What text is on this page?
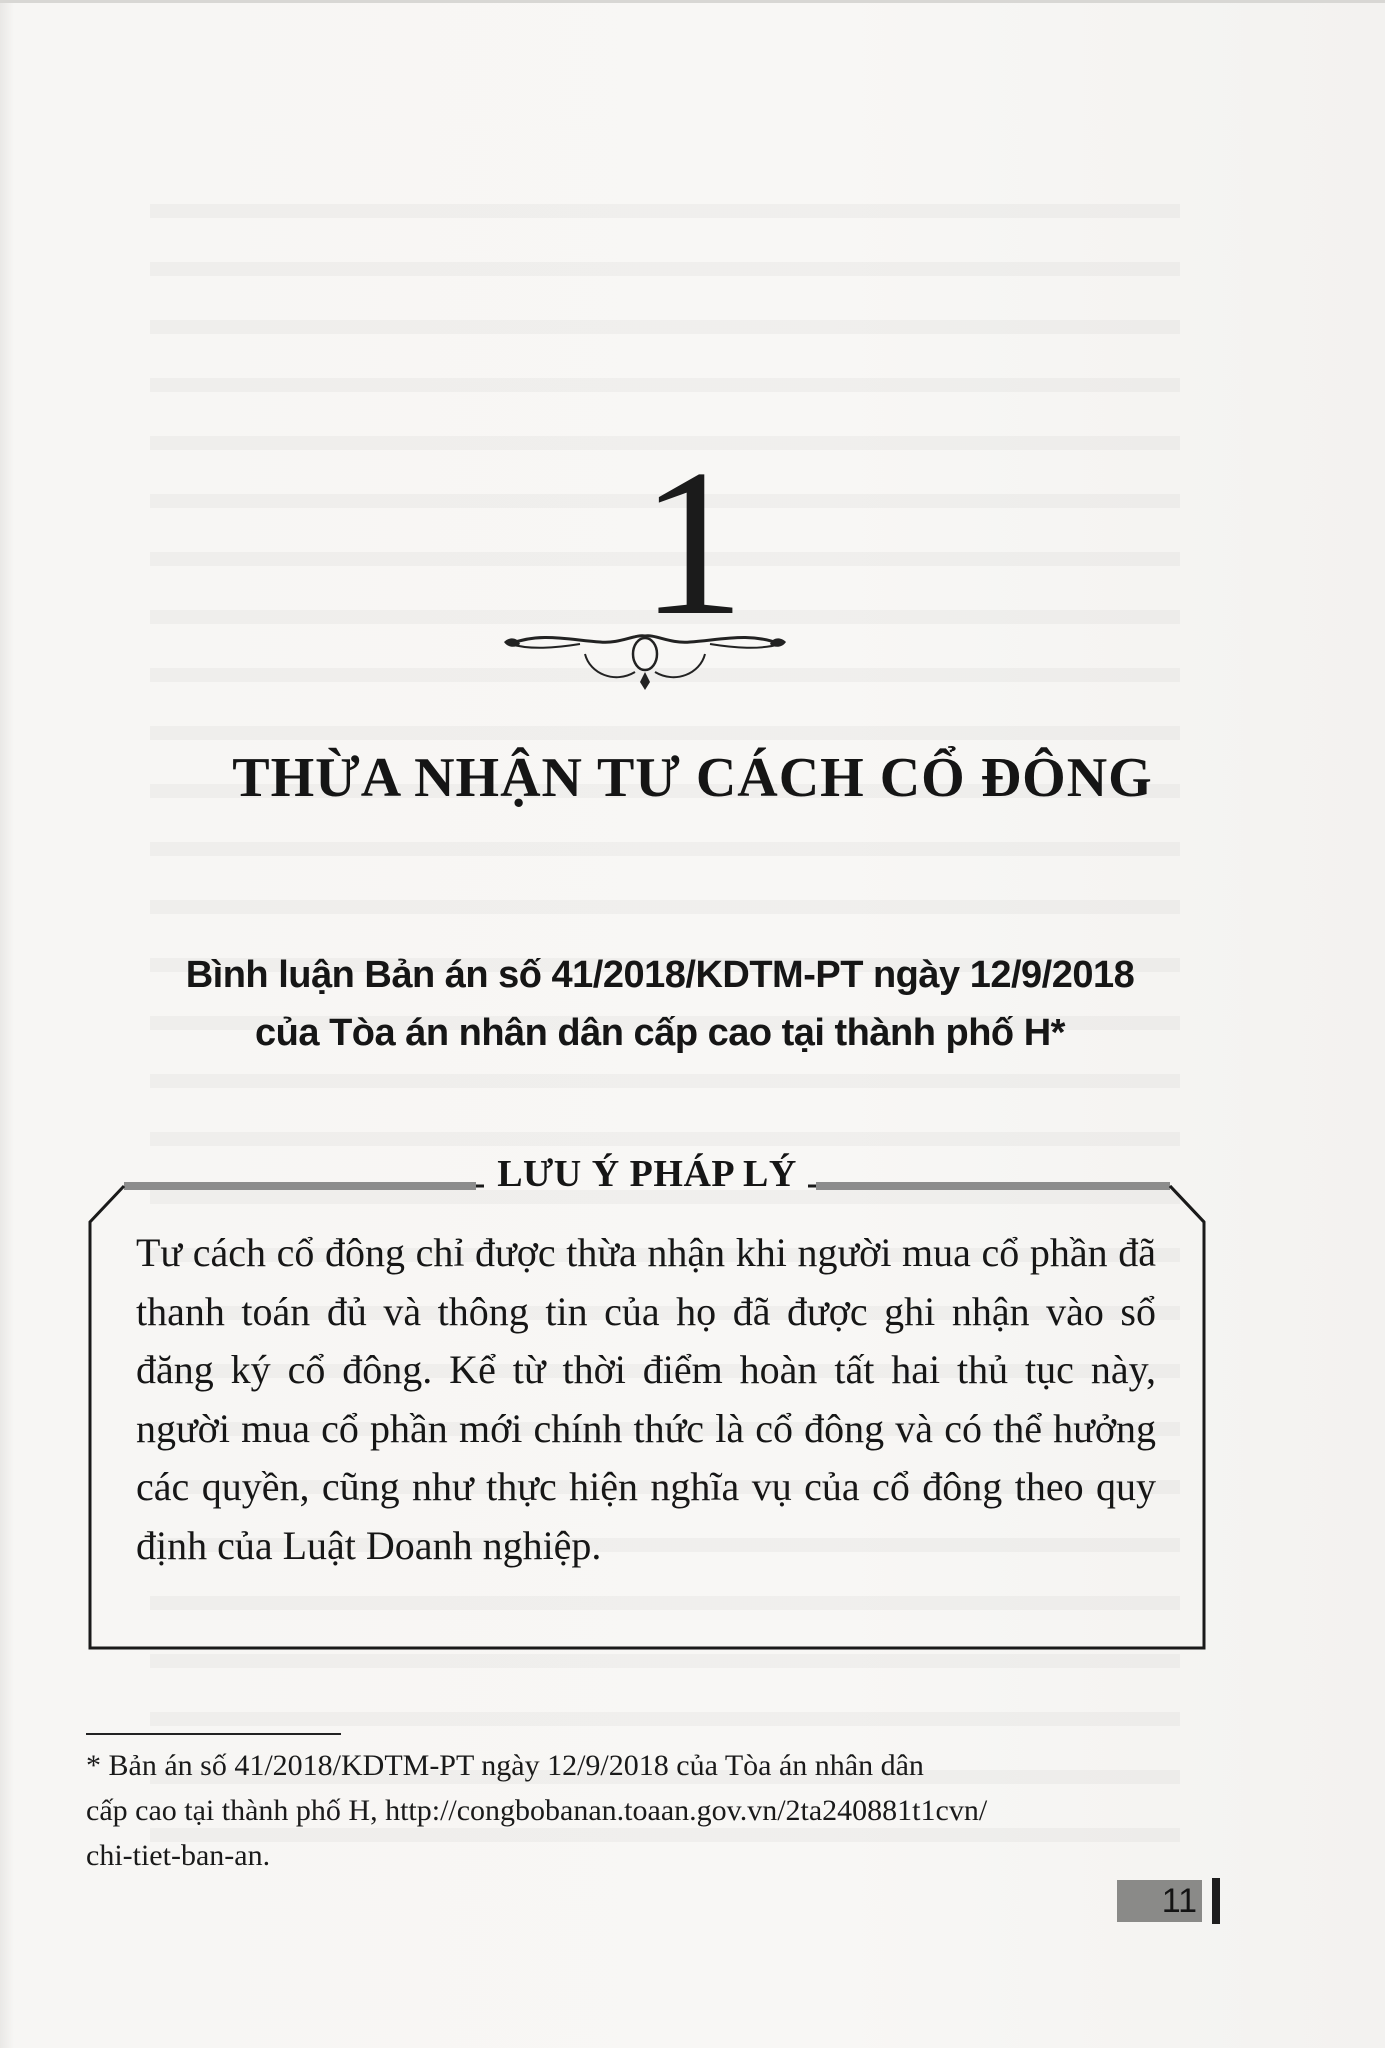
1
THỪA NHẬN TƯ CÁCH CỔ ĐÔNG
Bình luận Bản án số 41/2018/KDTM-PT ngày 12/9/2018
của Tòa án nhân dân cấp cao tại thành phố H*
LƯU Ý PHÁP LÝ
Tư cách cổ đông chỉ được thừa nhận khi người mua cổ phần đã thanh toán đủ và thông tin của họ đã được ghi nhận vào sổ đăng ký cổ đông. Kể từ thời điểm hoàn tất hai thủ tục này, người mua cổ phần mới chính thức là cổ đông và có thể hưởng các quyền, cũng như thực hiện nghĩa vụ của cổ đông theo quy định của Luật Doanh nghiệp.
* Bản án số 41/2018/KDTM-PT ngày 12/9/2018 của Tòa án nhân dân
cấp cao tại thành phố H, http://congbobanan.toaan.gov.vn/2ta240881t1cvn/
chi-tiet-ban-an.
11
